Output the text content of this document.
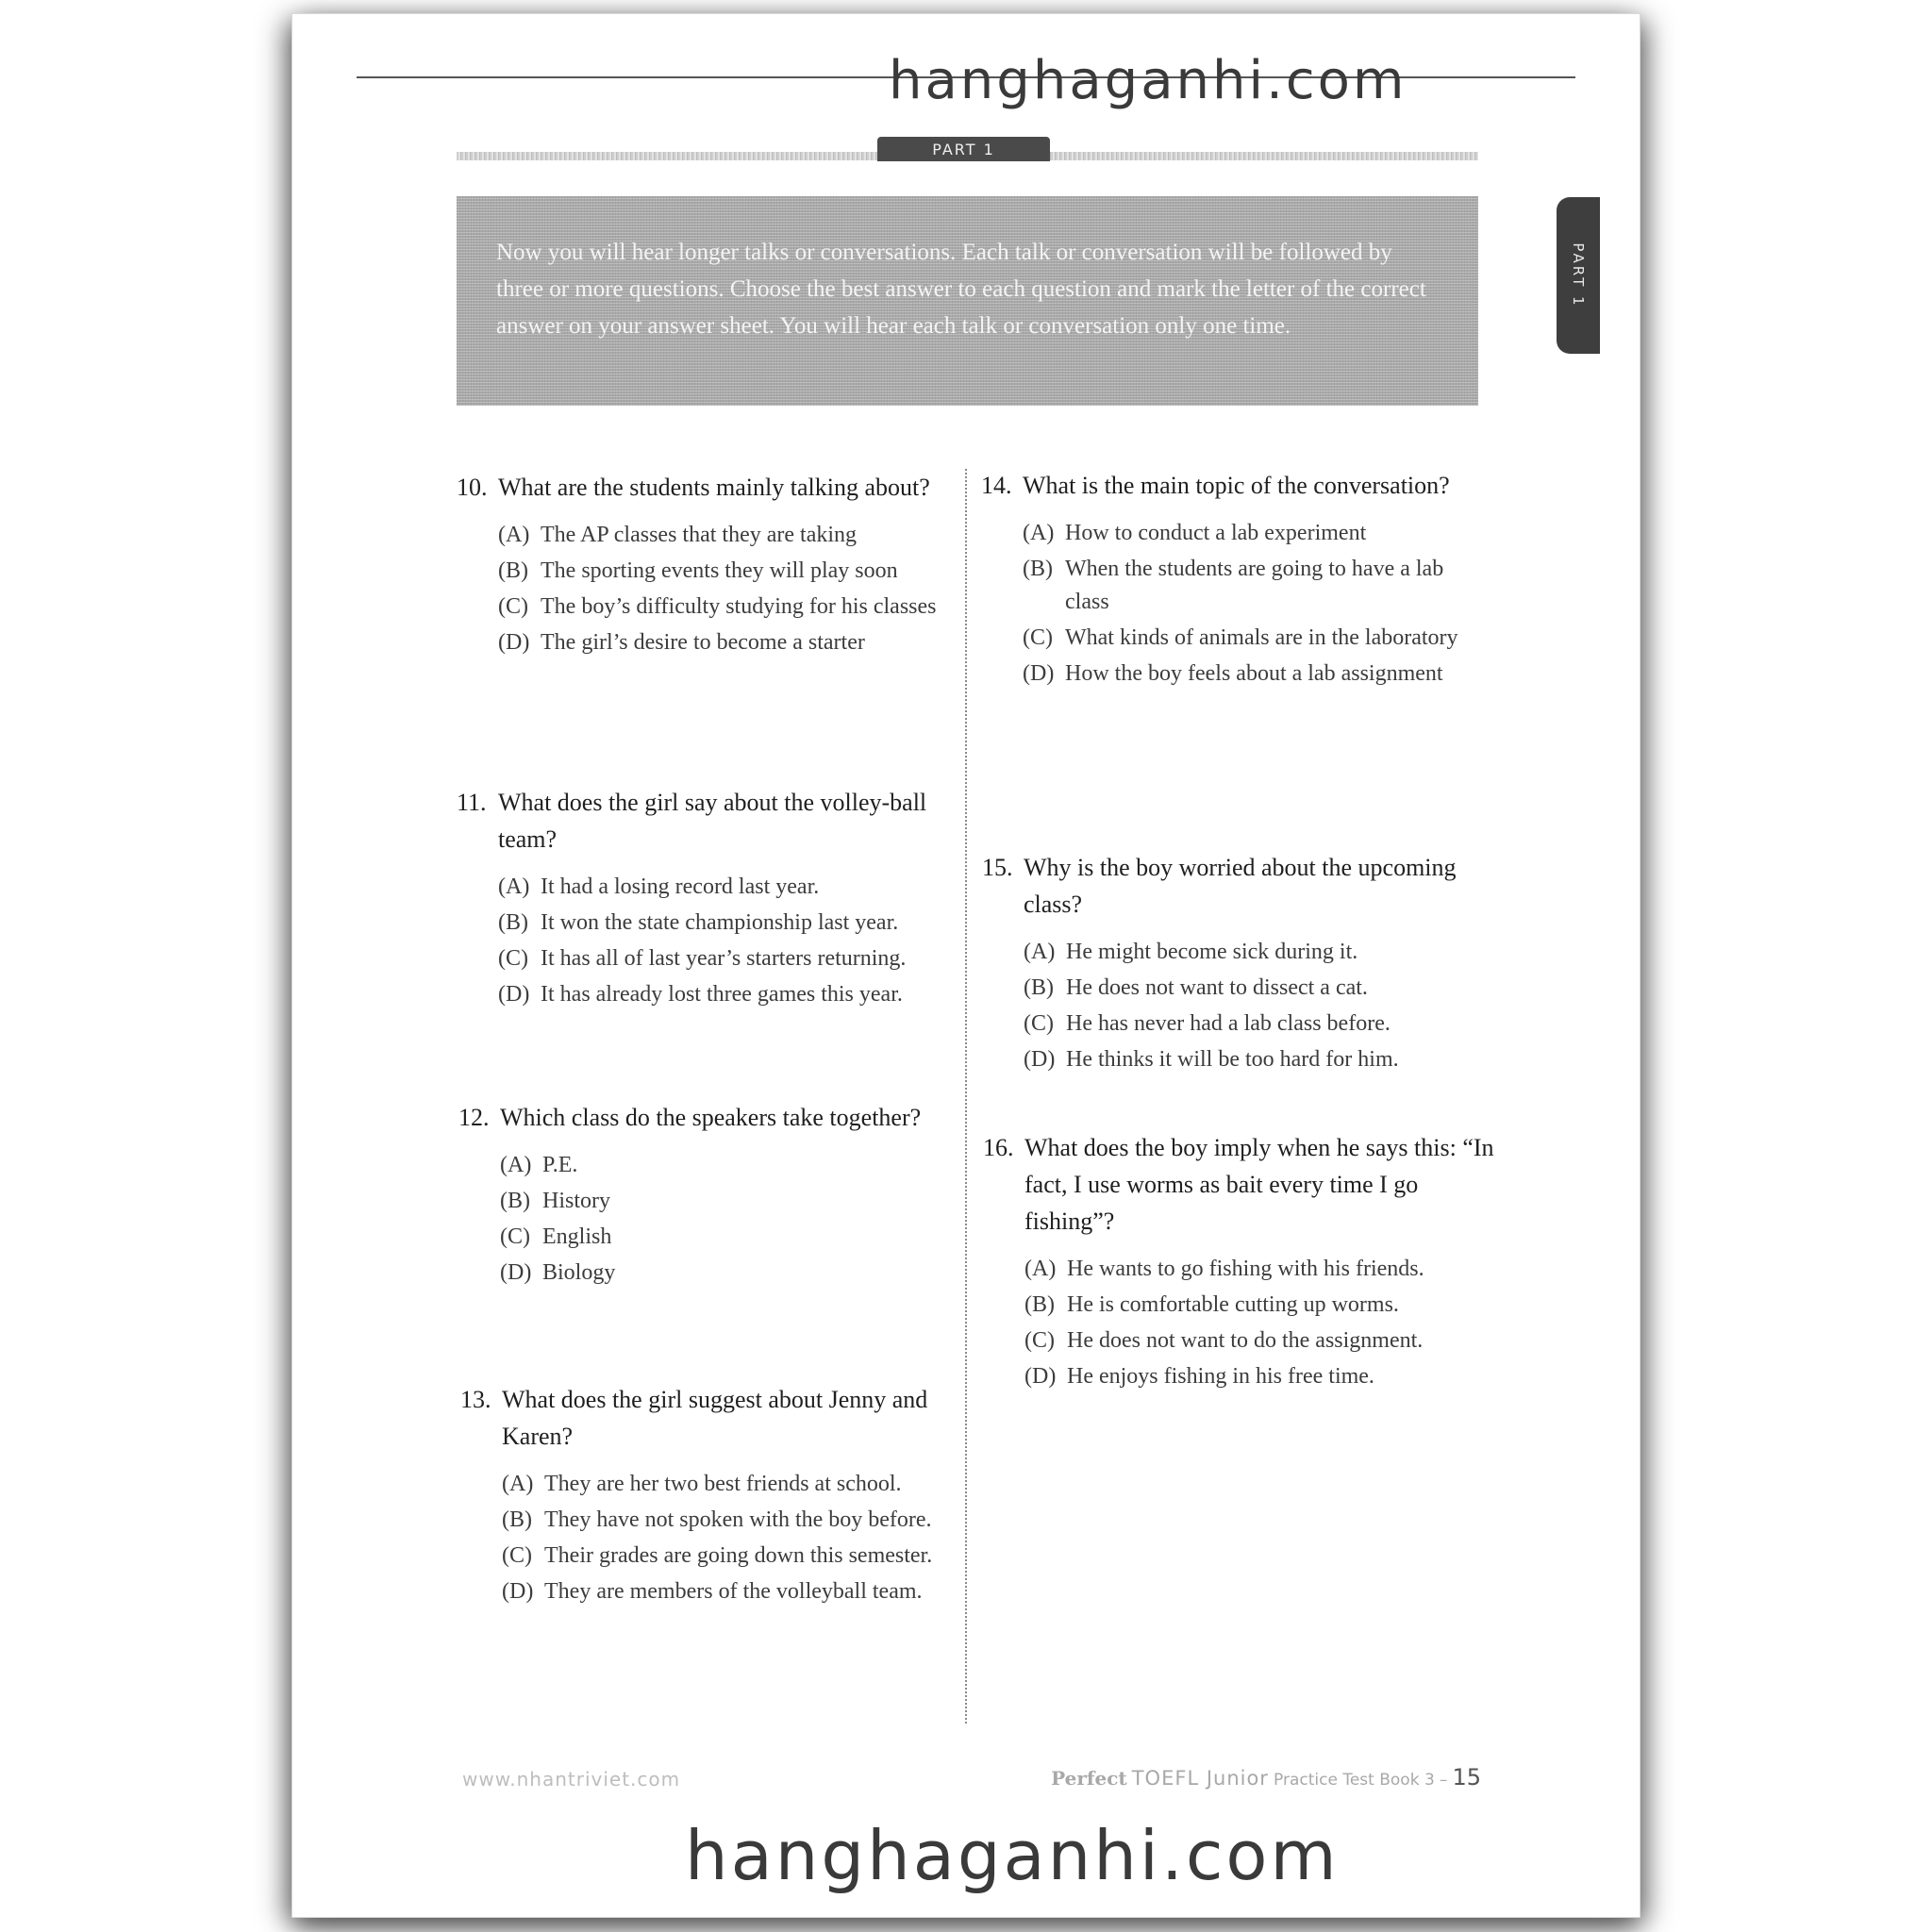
hanghaganhi.com
PART 1
PART 1
Now you will hear longer talks or conversations. Each talk or conversation will be followed by three or more questions. Choose the best answer to each question and mark the letter of the correct answer on your answer sheet. You will hear each talk or conversation only one time.
10. What are the students mainly talking about?
(A) The AP classes that they are taking
(B) The sporting events they will play soon
(C) The boy’s difficulty studying for his classes
(D) The girl’s desire to become a starter
11. What does the girl say about the volley-ball team?
(A) It had a losing record last year.
(B) It won the state championship last year.
(C) It has all of last year’s starters returning.
(D) It has already lost three games this year.
12. Which class do the speakers take together?
(A) P.E.
(B) History
(C) English
(D) Biology
13. What does the girl suggest about Jenny and Karen?
(A) They are her two best friends at school.
(B) They have not spoken with the boy before.
(C) Their grades are going down this semester.
(D) They are members of the volleyball team.
14. What is the main topic of the conversation?
(A) How to conduct a lab experiment
(B) When the students are going to have a lab class
(C) What kinds of animals are in the laboratory
(D) How the boy feels about a lab assignment
15. Why is the boy worried about the upcoming class?
(A) He might become sick during it.
(B) He does not want to dissect a cat.
(C) He has never had a lab class before.
(D) He thinks it will be too hard for him.
16. What does the boy imply when he says this: “In fact, I use worms as bait every time I go fishing”?
(A) He wants to go fishing with his friends.
(B) He is comfortable cutting up worms.
(C) He does not want to do the assignment.
(D) He enjoys fishing in his free time.
www.nhantriviet.com	Perfect TOEFL Junior Practice Test Book 3 – 15
hanghaganhi.com
